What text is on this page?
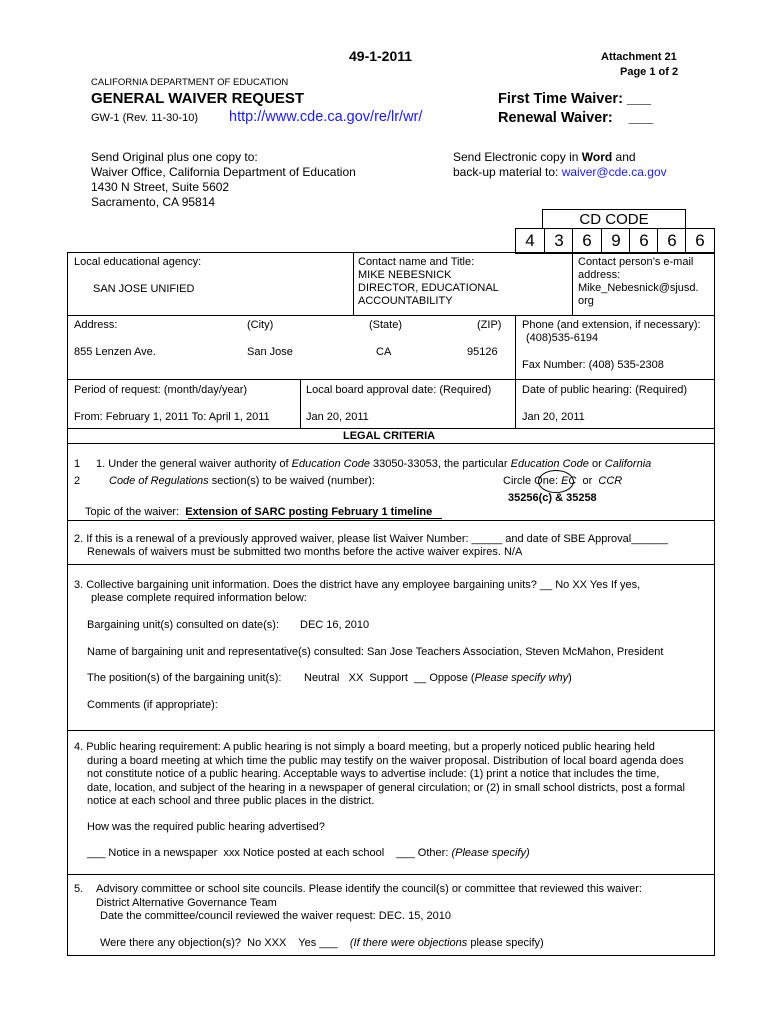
49-1-2011	Attachment 21
Page 1 of 2
CALIFORNIA DEPARTMENT OF EDUCATION
GENERAL WAIVER REQUEST
GW-1 (Rev. 11-30-10) http://www.cde.ca.gov/re/lr/wr/
First Time Waiver: ___
Renewal Waiver:    ___
Send Original plus one copy to:
Waiver Office, California Department of Education
1430 N Street, Suite 5602
Sacramento, CA 95814
Send Electronic copy in Word and
back-up material to: waiver@cde.ca.gov
CD CODE
4	3	6	9	6	6	6
Local educational agency:
SAN JOSE UNIFIED
Contact name and Title:
MIKE NEBESNICK
DIRECTOR, EDUCATIONAL
ACCOUNTABILITY
Contact person’s e-mail
address:
Mike_Nebesnick@sjusd.
org
Address:	(City)	(State)	(ZIP)
855 Lenzen Ave.	San Jose	CA	95126
Phone (and extension, if necessary):
(408)535-6194
Fax Number: (408) 535-2308
Period of request: (month/day/year)
From: February 1, 2011 To: April 1, 2011
Local board approval date: (Required)
Jan 20, 2011
Date of public hearing: (Required)
Jan 20, 2011
LEGAL CRITERIA
1
2
1. Under the general waiver authority of Education Code 33050-33053, the particular Education Code or California
Code of Regulations section(s) to be waived (number):	Circle One: EC  or  CCR
35256(c) & 35258
Topic of the waiver:  Extension of SARC posting February 1 timeline
2. If this is a renewal of a previously approved waiver, please list Waiver Number: _____ and date of SBE Approval______
Renewals of waivers must be submitted two months before the active waiver expires. N/A
3. Collective bargaining unit information. Does the district have any employee bargaining units? __ No XX Yes If yes,
please complete required information below:
Bargaining unit(s) consulted on date(s): DEC 16, 2010
Name of bargaining unit and representative(s) consulted: San Jose Teachers Association, Steven McMahon, President
The position(s) of the bargaining unit(s): Neutral   XX  Support  __ Oppose (Please specify why)
Comments (if appropriate):
4. Public hearing requirement: A public hearing is not simply a board meeting, but a properly noticed public hearing held
during a board meeting at which time the public may testify on the waiver proposal. Distribution of local board agenda does
not constitute notice of a public hearing. Acceptable ways to advertise include: (1) print a notice that includes the time,
date, location, and subject of the hearing in a newspaper of general circulation; or (2) in small school districts, post a formal
notice at each school and three public places in the district.
How was the required public hearing advertised?
___ Notice in a newspaper  xxx Notice posted at each school    ___ Other: (Please specify)
5. Advisory committee or school site councils. Please identify the council(s) or committee that reviewed this waiver:
District Alternative Governance Team
Date the committee/council reviewed the waiver request: DEC. 15, 2010
Were there any objection(s)?  No XXX    Yes ___    (If there were objections please specify)
